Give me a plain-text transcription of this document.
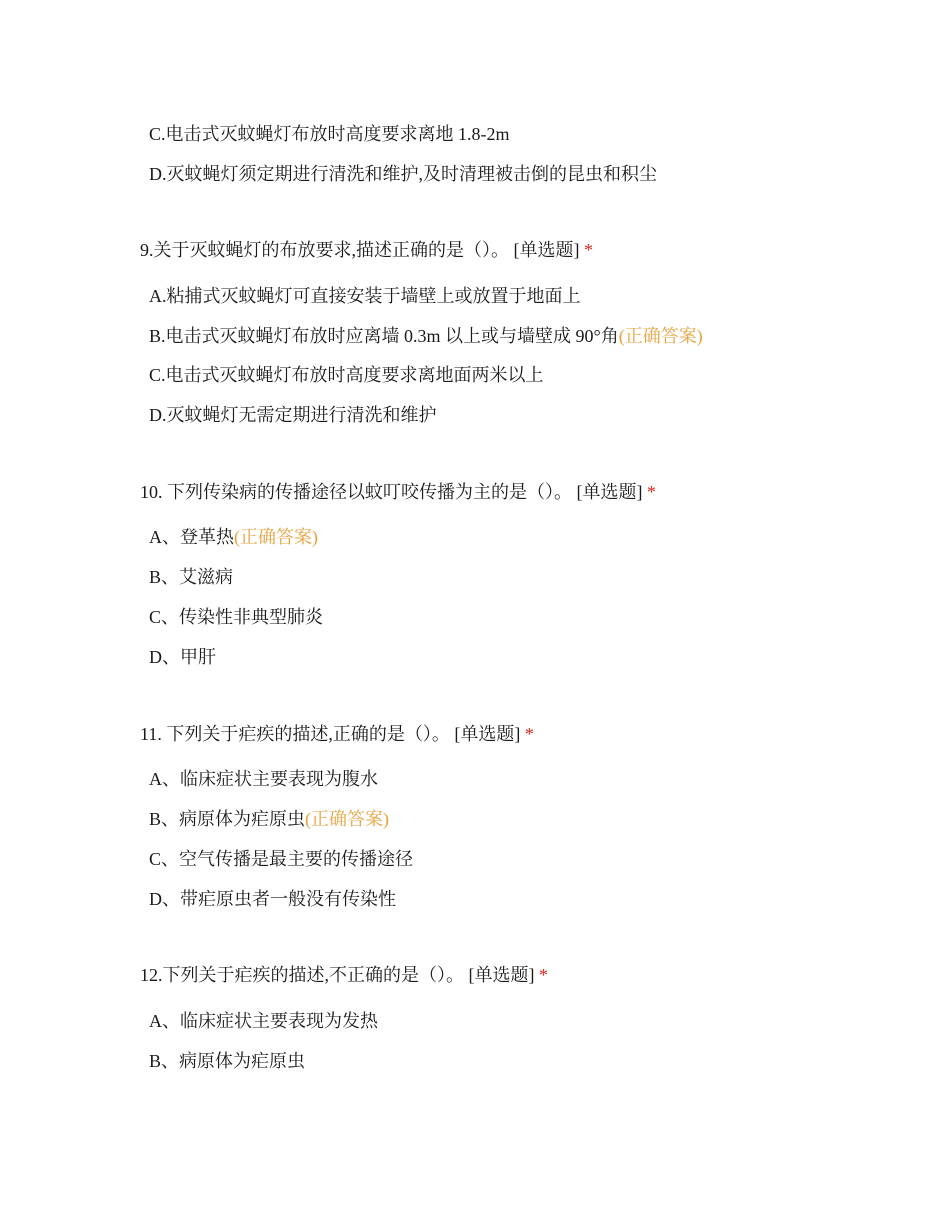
C.电击式灭蚊蝇灯布放时高度要求离地 1.8-2m
D.灭蚊蝇灯须定期进行清洗和维护,及时清理被击倒的昆虫和积尘
9.关于灭蚊蝇灯的布放要求,描述正确的是（）。 [单选题] *
A.粘捕式灭蚊蝇灯可直接安装于墙壁上或放置于地面上
B.电击式灭蚊蝇灯布放时应离墙 0.3m 以上或与墙壁成 90°角(正确答案)
C.电击式灭蚊蝇灯布放时高度要求离地面两米以上
D.灭蚊蝇灯无需定期进行清洗和维护
10. 下列传染病的传播途径以蚊叮咬传播为主的是（）。 [单选题] *
A、登革热(正确答案)
B、艾滋病
C、传染性非典型肺炎
D、甲肝
11. 下列关于疟疾的描述,正确的是（）。 [单选题] *
A、临床症状主要表现为腹水
B、病原体为疟原虫(正确答案)
C、空气传播是最主要的传播途径
D、带疟原虫者一般没有传染性
12.下列关于疟疾的描述,不正确的是（）。 [单选题] *
A、临床症状主要表现为发热
B、病原体为疟原虫
